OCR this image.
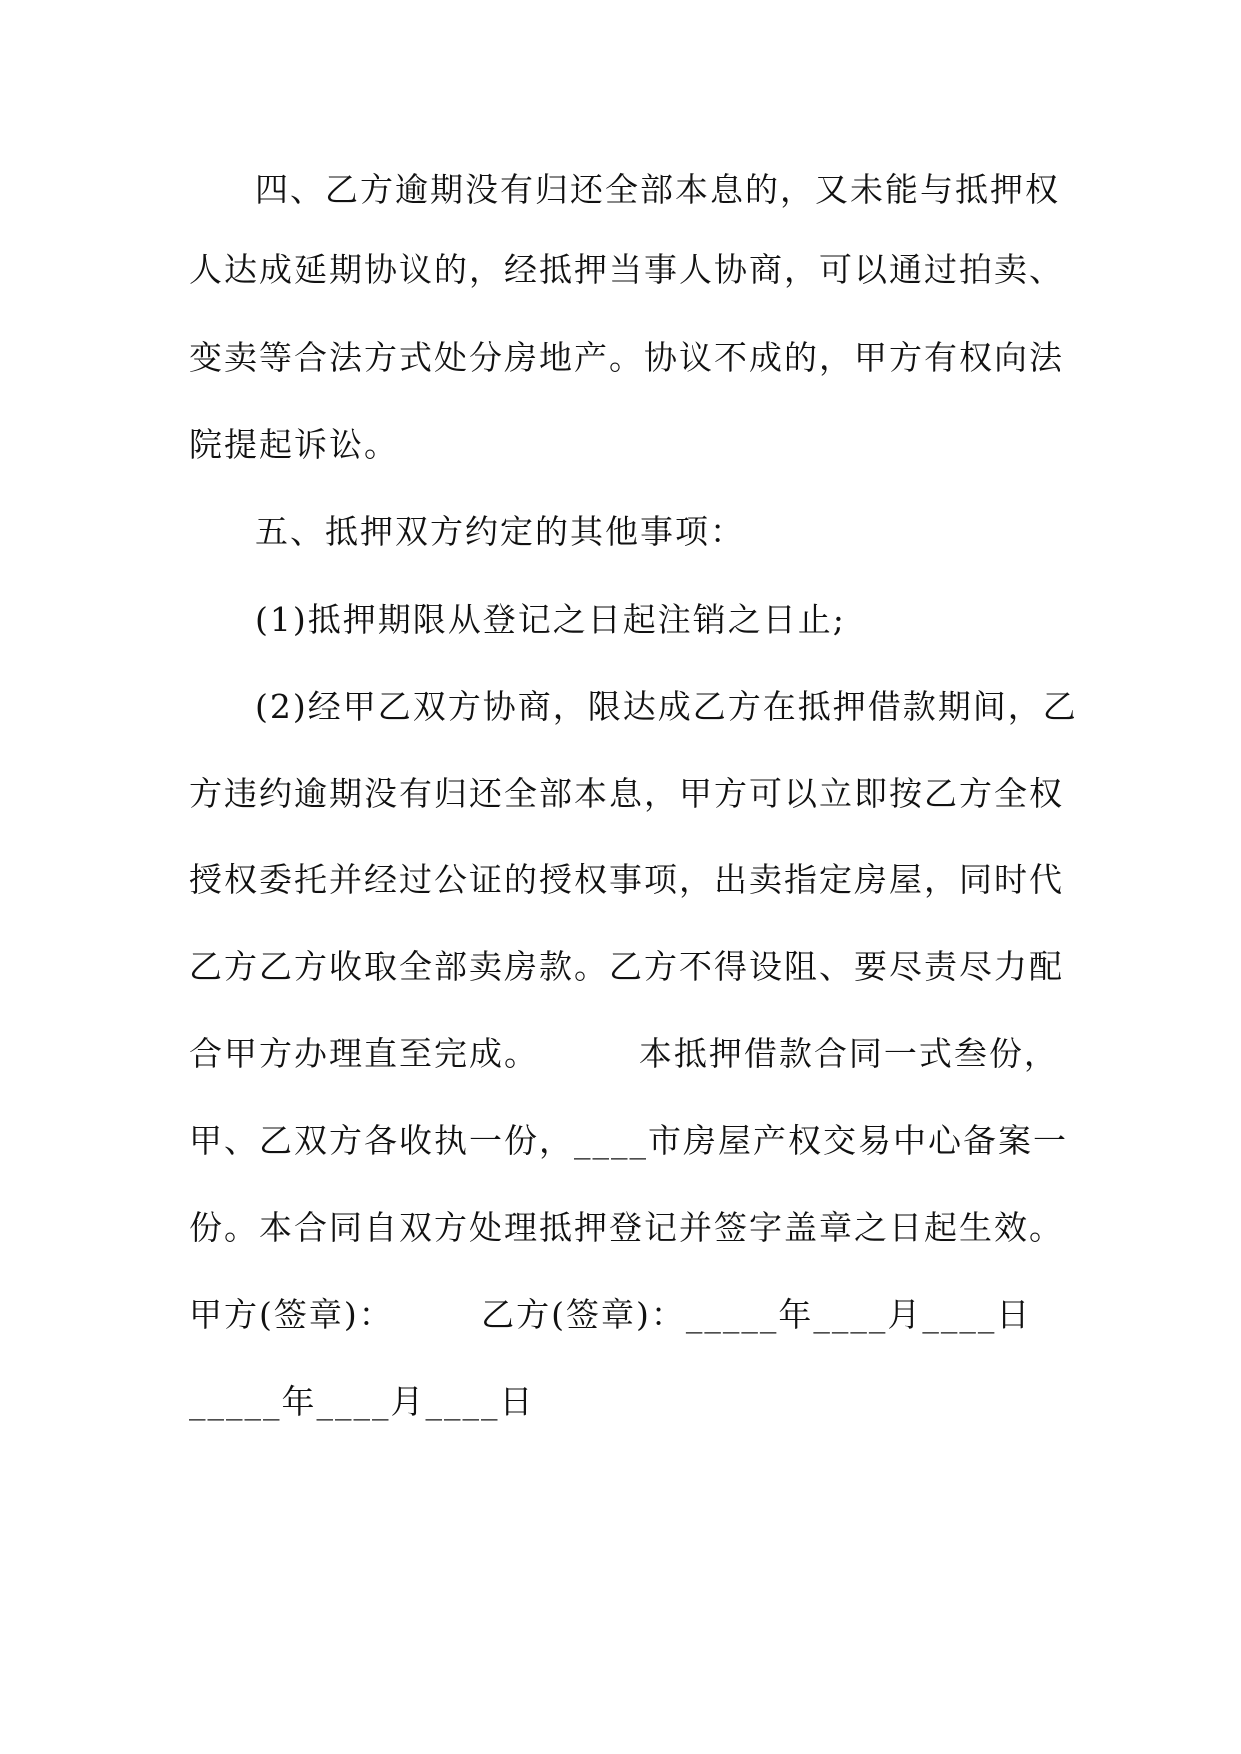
四、乙方逾期没有归还全部本息的，又未能与抵押权
人达成延期协议的，经抵押当事人协商，可以通过拍卖、
变卖等合法方式处分房地产。协议不成的，甲方有权向法
院提起诉讼。
五、抵押双方约定的其他事项：
(1)抵押期限从登记之日起注销之日止;
(2)经甲乙双方协商，限达成乙方在抵押借款期间，乙
方违约逾期没有归还全部本息，甲方可以立即按乙方全权
授权委托并经过公证的授权事项，出卖指定房屋，同时代
乙方乙方收取全部卖房款。乙方不得设阻、要尽责尽力配
合甲方办理直至完成。        本抵押借款合同一式叁份，
甲、乙双方各收执一份，____市房屋产权交易中心备案一
份。本合同自双方处理抵押登记并签字盖章之日起生效。
甲方(签章)：       乙方(签章)：_____年____月____日
_____年____月____日
